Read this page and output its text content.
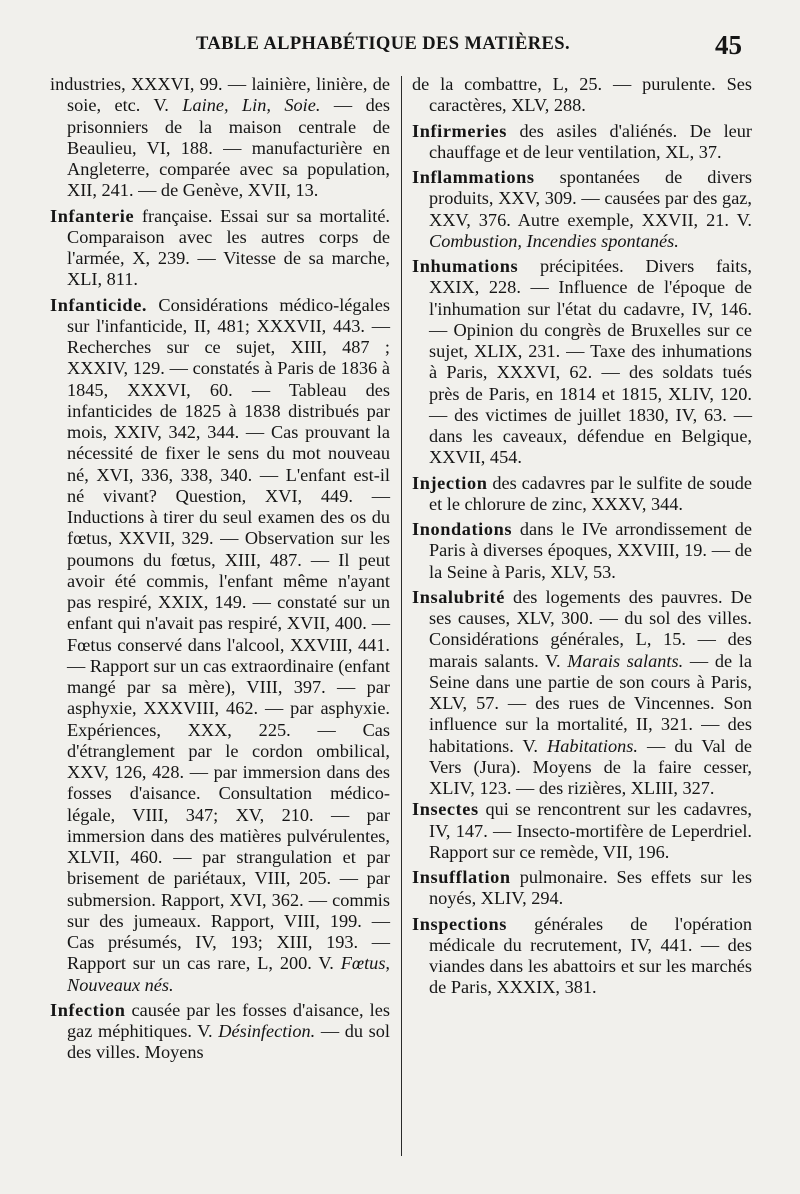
TABLE ALPHABÉTIQUE DES MATIÈRES.	45

industries, XXXVI, 99. — lainière, linière, de soie, etc. V. Laine, Lin, Soie. — des prisonniers de la maison centrale de Beaulieu, VI, 188. — manufacturière en Angleterre, comparée avec sa population, XII, 241. — de Genève, XVII, 13.

Infanterie française. Essai sur sa mortalité. Comparaison avec les autres corps de l'armée, X, 239. — Vitesse de sa marche, XLI, 811.

Infanticide. Considérations médico-légales sur l'infanticide, II, 481; XXXVII, 443. — Recherches sur ce sujet, XIII, 487 ; XXXIV, 129. — constatés à Paris de 1836 à 1845, XXXVI, 60. — Tableau des infanticides de 1825 à 1838 distribués par mois, XXIV, 342, 344. — Cas prouvant la nécessité de fixer le sens du mot nouveau né, XVI, 336, 338, 340. — L'enfant est-il né vivant? Question, XVI, 449. — Inductions à tirer du seul examen des os du fœtus, XXVII, 329. — Observation sur les poumons du fœtus, XIII, 487. — Il peut avoir été commis, l'enfant même n'ayant pas respiré, XXIX, 149. — constaté sur un enfant qui n'avait pas respiré, XVII, 400. — Fœtus conservé dans l'alcool, XXVIII, 441. — Rapport sur un cas extraordinaire (enfant mangé par sa mère), VIII, 397. — par asphyxie, XXXVIII, 462. — par asphyxie. Expériences, XXX, 225. — Cas d'étranglement par le cordon ombilical, XXV, 126, 428. — par immersion dans des fosses d'aisance. Consultation médico-légale, VIII, 347; XV, 210. — par immersion dans des matières pulvérulentes, XLVII, 460. — par strangulation et par brisement de pariétaux, VIII, 205. — par submersion. Rapport, XVI, 362. — commis sur des jumeaux. Rapport, VIII, 199. — Cas présumés, IV, 193; XIII, 193. — Rapport sur un cas rare, L, 200. V. Fœtus, Nouveaux nés.

Infection causée par les fosses d'aisance, les gaz méphitiques. V. Désinfection. — du sol des villes. Moyens

de la combattre, L, 25. — purulente. Ses caractères, XLV, 288.

Infirmeries des asiles d'aliénés. De leur chauffage et de leur ventilation, XL, 37.

Inflammations spontanées de divers produits, XXV, 309. — causées par des gaz, XXV, 376. Autre exemple, XXVII, 21. V. Combustion, Incendies spontanés.

Inhumations précipitées. Divers faits, XXIX, 228. — Influence de l'époque de l'inhumation sur l'état du cadavre, IV, 146. — Opinion du congrès de Bruxelles sur ce sujet, XLIX, 231. — Taxe des inhumations à Paris, XXXVI, 62. — des soldats tués près de Paris, en 1814 et 1815, XLIV, 120. — des victimes de juillet 1830, IV, 63. — dans les caveaux, défendue en Belgique, XXVII, 454.

Injection des cadavres par le sulfite de soude et le chlorure de zinc, XXXV, 344.

Inondations dans le IVe arrondissement de Paris à diverses époques, XXVIII, 19. — de la Seine à Paris, XLV, 53.

Insalubrité des logements des pauvres. De ses causes, XLV, 300. — du sol des villes. Considérations générales, L, 15. — des marais salants. V. Marais salants. — de la Seine dans une partie de son cours à Paris, XLV, 57. — des rues de Vincennes. Son influence sur la mortalité, II, 321. — des habitations. V. Habitations. — du Val de Vers (Jura). Moyens de la faire cesser, XLIV, 123. — des rizières, XLIII, 327.

Insectes qui se rencontrent sur les cadavres, IV, 147. — Insecto-mortifère de Leperdriel. Rapport sur ce remède, VII, 196.

Insufflation pulmonaire. Ses effets sur les noyés, XLIV, 294.

Inspections générales de l'opération médicale du recrutement, IV, 441. — des viandes dans les abattoirs et sur les marchés de Paris, XXXIX, 381.
